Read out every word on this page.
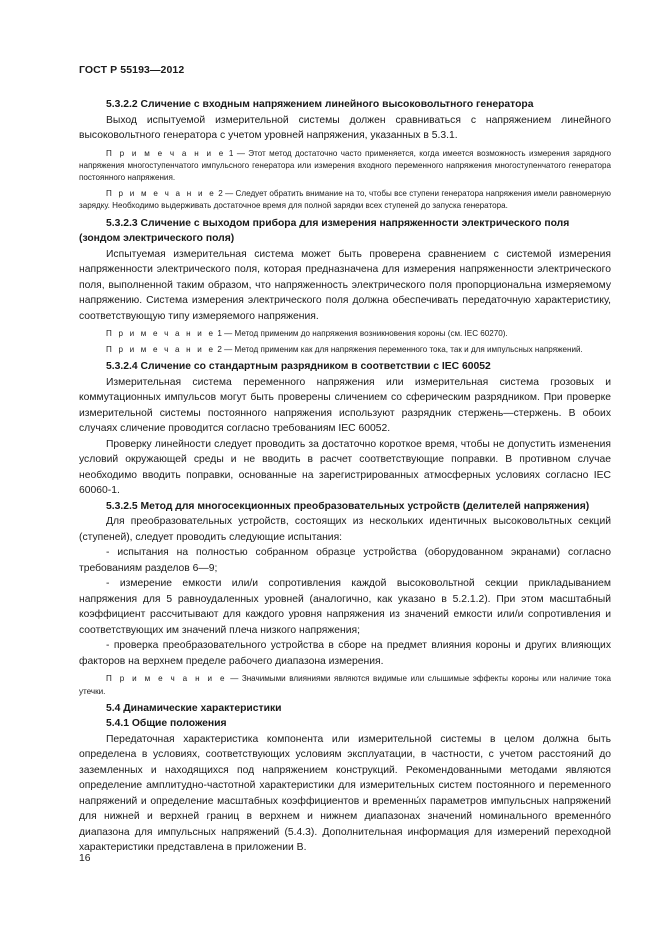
ГОСТ Р 55193—2012

5.3.2.2 Сличение с входным напряжением линейного высоковольтного генератора

Выход испытуемой измерительной системы должен сравниваться с напряжением линейного высоковольтного генератора с учетом уровней напряжения, указанных в 5.3.1.

П р и м е ч а н и е 1 — Этот метод достаточно часто применяется, когда имеется возможность измерения зарядного напряжения многоступенчатого импульсного генератора или измерения входного переменного напряжения многоступенчатого генератора постоянного напряжения.

П р и м е ч а н и е 2 — Следует обратить внимание на то, чтобы все ступени генератора напряжения имели равномерную зарядку. Необходимо выдерживать достаточное время для полной зарядки всех ступеней до запуска генератора.

5.3.2.3 Сличение с выходом прибора для измерения напряженности электрического поля (зондом электрического поля)

Испытуемая измерительная система может быть проверена сравнением с системой измерения напряженности электрического поля, которая предназначена для измерения напряженности электрического поля, выполненной таким образом, что напряженность электрического поля пропорциональна измеряемому напряжению. Система измерения электрического поля должна обеспечивать передаточную характеристику, соответствующую типу измеряемого напряжения.

П р и м е ч а н и е 1 — Метод применим до напряжения возникновения короны (см. IEC 60270).

П р и м е ч а н и е 2 — Метод применим как для напряжения переменного тока, так и для импульсных напряжений.

5.3.2.4 Сличение со стандартным разрядником в соответствии с IEC 60052

Измерительная система переменного напряжения или измерительная система грозовых и коммутационных импульсов могут быть проверены сличением со сферическим разрядником. При проверке измерительной системы постоянного напряжения используют разрядник стержень—стержень. В обоих случаях сличение проводится согласно требованиям IEC 60052.

Проверку линейности следует проводить за достаточно короткое время, чтобы не допустить изменения условий окружающей среды и не вводить в расчет соответствующие поправки. В противном случае необходимо вводить поправки, основанные на зарегистрированных атмосферных условиях согласно IEC 60060-1.

5.3.2.5 Метод для многосекционных преобразовательных устройств (делителей напряжения)

Для преобразовательных устройств, состоящих из нескольких идентичных высоковольтных секций (ступеней), следует проводить следующие испытания:

- испытания на полностью собранном образце устройства (оборудованном экранами) согласно требованиям разделов 6—9;

- измерение емкости или/и сопротивления каждой высоковольтной секции прикладыванием напряжения для 5 равноудаленных уровней (аналогично, как указано в 5.2.1.2). При этом масштабный коэффициент рассчитывают для каждого уровня напряжения из значений емкости или/и сопротивления и соответствующих им значений плеча низкого напряжения;

- проверка преобразовательного устройства в сборе на предмет влияния короны и других влияющих факторов на верхнем пределе рабочего диапазона измерения.

П р и м е ч а н и е — Значимыми влияниями являются видимые или слышимые эффекты короны или наличие тока утечки.

5.4 Динамические характеристики

5.4.1 Общие положения

Передаточная характеристика компонента или измерительной системы в целом должна быть определена в условиях, соответствующих условиям эксплуатации, в частности, с учетом расстояний до заземленных и находящихся под напряжением конструкций. Рекомендованными методами являются определение амплитудно-частотной характеристики для измерительных систем постоянного и переменного напряжений и определение масштабных коэффициентов и временны́х параметров импульсных напряжений для нижней и верхней границ в верхнем и нижнем диапазонах значений номинального временно́го диапазона для импульсных напряжений (5.4.3). Дополнительная информация для измерений переходной характеристики представлена в приложении В.

16
